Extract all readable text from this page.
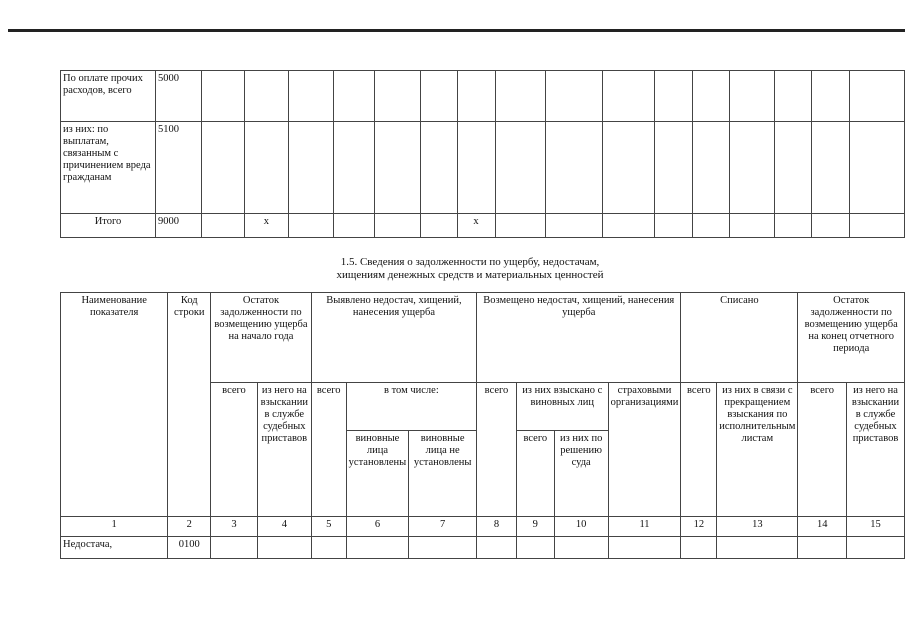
По оплате прочих расходов, всего	5000																
из них: по выплатам, связанным с причинением вреда гражданам	5100																
Итого	9000		x					x									
1.5. Сведения о задолженности по ущербу, недостачам,
хищениям денежных средств и материальных ценностей
Наименование показателя	Код строки	Остаток задолженности по возмещению ущерба на начало года		Выявлено недостач, хищений, нанесения ущерба			Возмещено недостач, хищений, нанесения ущерба				Списано		Остаток задолженности по возмещению ущерба на конец отчетного периода	
		всего	из него на взыскании в службе судебных приставов	всего	в том числе:		всего	из них взыскано с виновных лиц		страховыми организациями	всего	из них в связи с прекращением взыскания по исполнительным листам	всего	из него на взыскании в службе судебных приставов
					виновные лица установлены	виновные лица не установлены		всего	из них по решению суда					
1	2	3	4	5	6	7	8	9	10	11	12	13	14	15
Недостача,	0100													
